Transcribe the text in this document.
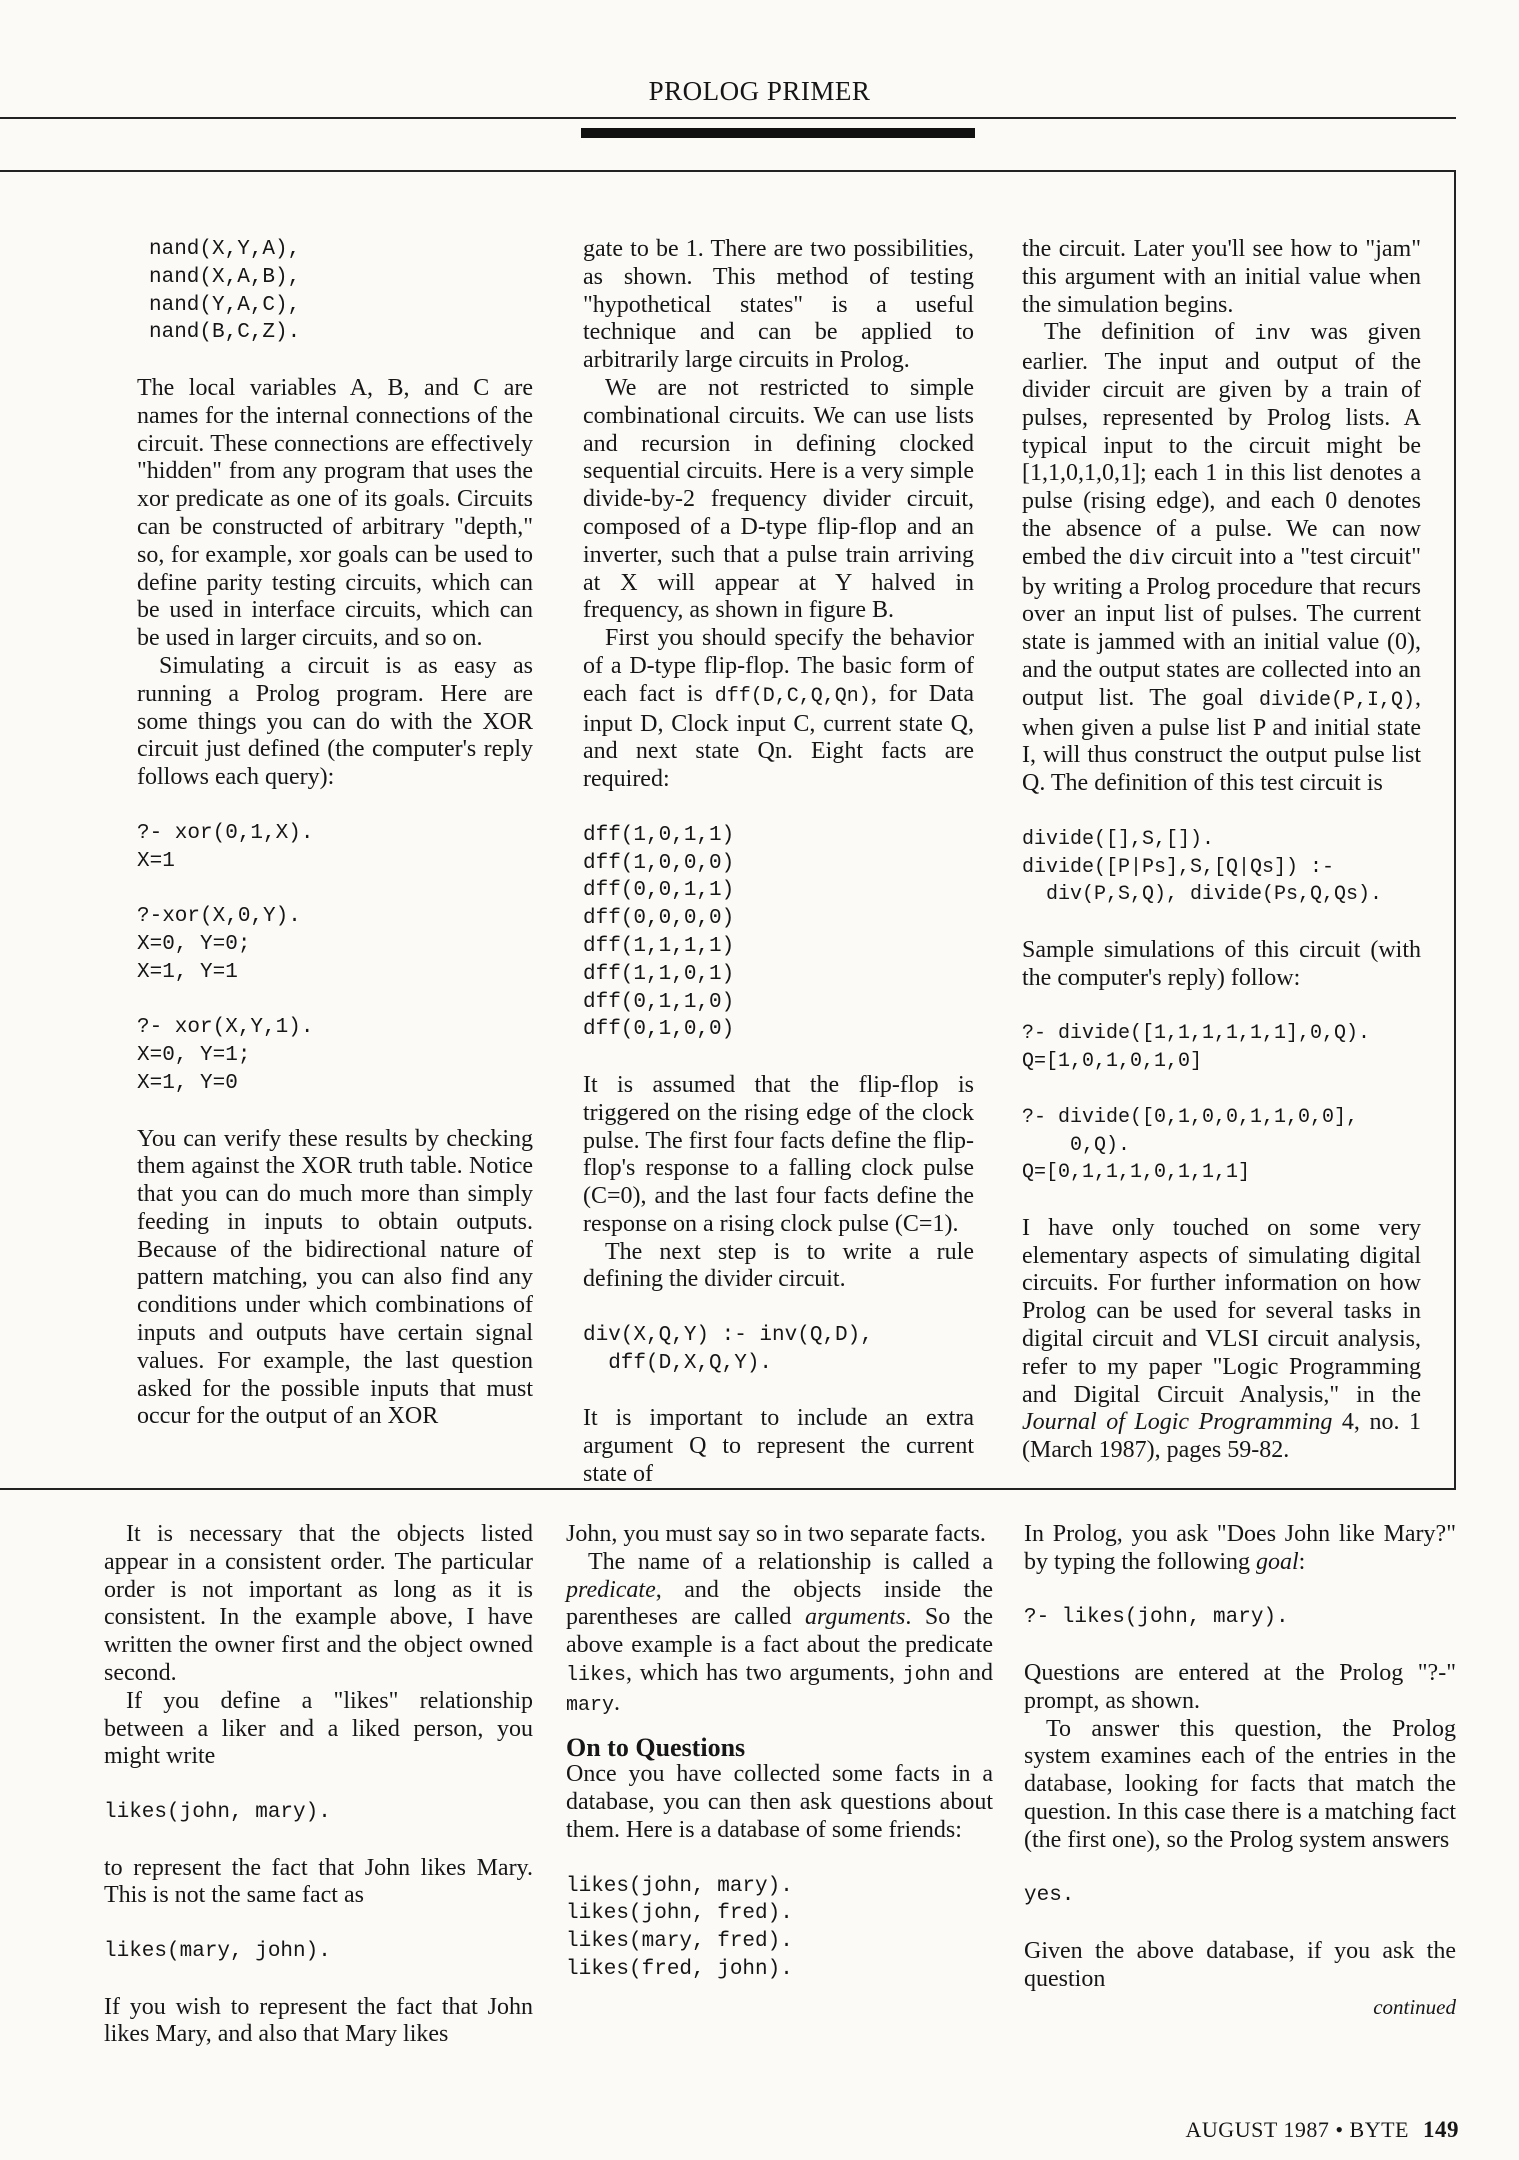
PROLOG PRIMER
nand(X,Y,A),
nand(X,A,B),
nand(Y,A,C),
nand(B,C,Z).

The local variables A, B, and C are names for the internal connections of the circuit. These connections are effectively "hidden" from any program that uses the xor predicate as one of its goals. Circuits can be constructed of arbitrary "depth," so, for example, xor goals can be used to define parity testing circuits, which can be used in interface circuits, which can be used in larger circuits, and so on.

Simulating a circuit is as easy as running a Prolog program. Here are some things you can do with the XOR circuit just defined (the computer's reply follows each query):

?- xor(0,1,X).
X=1
?-xor(X,0,Y).
X=0, Y=0;
X=1, Y=1
?- xor(X,Y,1).
X=0, Y=1;
X=1, Y=0

You can verify these results by checking them against the XOR truth table. Notice that you can do much more than simply feeding in inputs to obtain outputs. Because of the bidirectional nature of pattern matching, you can also find any conditions under which combinations of inputs and outputs have certain signal values. For example, the last question asked for the possible inputs that must occur for the output of an XOR

gate to be 1. There are two possibilities, as shown. This method of testing "hypothetical states" is a useful technique and can be applied to arbitrarily large circuits in Prolog.

We are not restricted to simple combinational circuits. We can use lists and recursion in defining clocked sequential circuits. Here is a very simple divide-by-2 frequency divider circuit, composed of a D-type flip-flop and an inverter, such that a pulse train arriving at X will appear at Y halved in frequency, as shown in figure B.

First you should specify the behavior of a D-type flip-flop. The basic form of each fact is dff(D,C,Q,Qn), for Data input D, Clock input C, current state Q, and next state Qn. Eight facts are required:

dff(1,0,1,1)
dff(1,0,0,0)
dff(0,0,1,1)
dff(0,0,0,0)
dff(1,1,1,1)
dff(1,1,0,1)
dff(0,1,1,0)
dff(0,1,0,0)

It is assumed that the flip-flop is triggered on the rising edge of the clock pulse. The first four facts define the flip-flop's response to a falling clock pulse (C=0), and the last four facts define the response on a rising clock pulse (C=1).

The next step is to write a rule defining the divider circuit.

div(X,Q,Y) :- inv(Q,D),
dff(D,X,Q,Y).

It is important to include an extra argument Q to represent the current state of

the circuit. Later you'll see how to "jam" this argument with an initial value when the simulation begins.

The definition of inv was given earlier. The input and output of the divider circuit are given by a train of pulses, represented by Prolog lists. A typical input to the circuit might be [1,1,0,1,0,1]; each 1 in this list denotes a pulse (rising edge), and each 0 denotes the absence of a pulse. We can now embed the div circuit into a "test circuit" by writing a Prolog procedure that recurs over an input list of pulses. The current state is jammed with an initial value (0), and the output states are collected into an output list. The goal divide(P,I,Q), when given a pulse list P and initial state I, will thus construct the output pulse list Q. The definition of this test circuit is

divide([],S,[]).
divide([P|Ps],S,[Q|Qs]) :-
div(P,S,Q), divide(Ps,Q,Qs).

Sample simulations of this circuit (with the computer's reply) follow:

?- divide([1,1,1,1,1,1],0,Q).
Q=[1,0,1,0,1,0]
?- divide([0,1,0,0,1,1,0,0],
0,Q).
Q=[0,1,1,1,0,1,1,1]

I have only touched on some very elementary aspects of simulating digital circuits. For further information on how Prolog can be used for several tasks in digital circuit and VLSI circuit analysis, refer to my paper "Logic Programming and Digital Circuit Analysis," in the Journal of Logic Programming 4, no. 1 (March 1987), pages 59-82.

It is necessary that the objects listed appear in a consistent order. The particular order is not important as long as it is consistent. In the example above, I have written the owner first and the object owned second.

If you define a "likes" relationship between a liker and a liked person, you might write

likes(john, mary).

to represent the fact that John likes Mary. This is not the same fact as

likes(mary, john).

If you wish to represent the fact that John likes Mary, and also that Mary likes

John, you must say so in two separate facts.

The name of a relationship is called a predicate, and the objects inside the parentheses are called arguments. So the above example is a fact about the predicate likes, which has two arguments, john and mary.

On to Questions

Once you have collected some facts in a database, you can then ask questions about them. Here is a database of some friends:

likes(john, mary).
likes(john, fred).
likes(mary, fred).
likes(fred, john).

In Prolog, you ask "Does John like Mary?" by typing the following goal:

?- likes(john, mary).

Questions are entered at the Prolog "?-" prompt, as shown.

To answer this question, the Prolog system examines each of the entries in the database, looking for facts that match the question. In this case there is a matching fact (the first one), so the Prolog system answers

yes.

Given the above database, if you ask the question

continued

AUGUST 1987 • BYTE 149
